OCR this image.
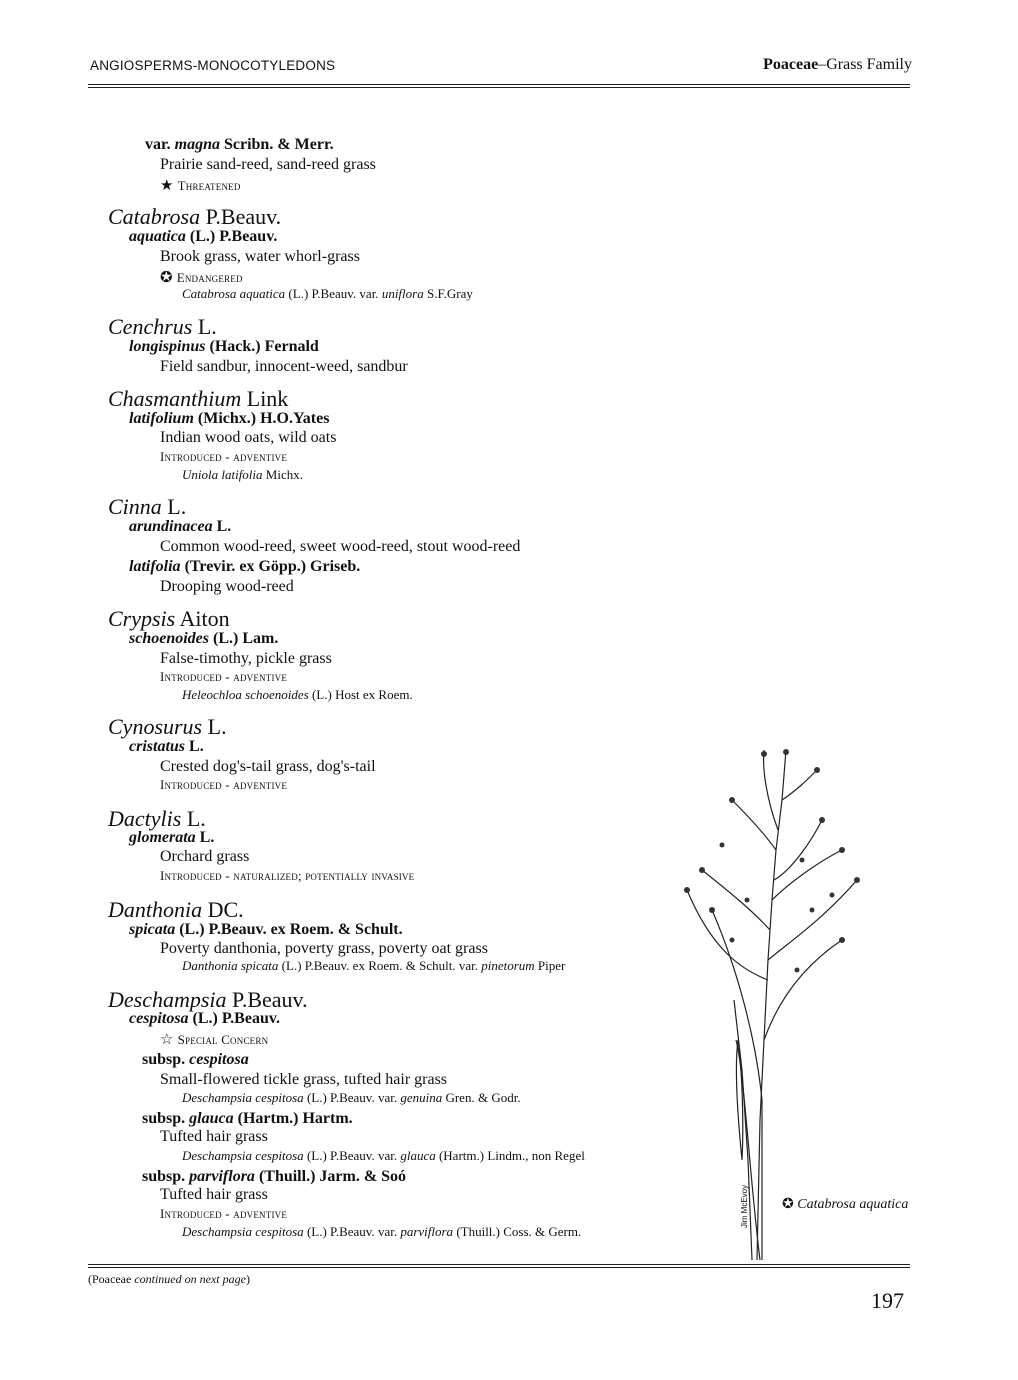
ANGIOSPERMS-MONOCOTYLEDONS	Poaceae–Grass Family
var. magna Scribn. & Merr.
Prairie sand-reed, sand-reed grass
★ Threatened
Catabrosa P.Beauv.
aquatica (L.) P.Beauv.
Brook grass, water whorl-grass
✪ Endangered
Catabrosa aquatica (L.) P.Beauv. var. uniflora S.F.Gray
Cenchrus L.
longispinus (Hack.) Fernald
Field sandbur, innocent-weed, sandbur
Chasmanthium Link
latifolium (Michx.) H.O.Yates
Indian wood oats, wild oats
Introduced - adventive
Uniola latifolia Michx.
Cinna L.
arundinacea L.
Common wood-reed, sweet wood-reed, stout wood-reed
latifolia (Trevir. ex Göpp.) Griseb.
Drooping wood-reed
Crypsis Aiton
schoenoides (L.) Lam.
False-timothy, pickle grass
Introduced - adventive
Heleochloa schoenoides (L.) Host ex Roem.
Cynosurus L.
cristatus L.
Crested dog's-tail grass, dog's-tail
Introduced - adventive
Dactylis L.
glomerata L.
Orchard grass
Introduced - naturalized; potentially invasive
Danthonia DC.
spicata (L.) P.Beauv. ex Roem. & Schult.
Poverty danthonia, poverty grass, poverty oat grass
Danthonia spicata (L.) P.Beauv. ex Roem. & Schult. var. pinetorum Piper
Deschampsia P.Beauv.
cespitosa (L.) P.Beauv.
☆ Special Concern
subsp. cespitosa
Small-flowered tickle grass, tufted hair grass
Deschampsia cespitosa (L.) P.Beauv. var. genuina Gren. & Godr.
subsp. glauca (Hartm.) Hartm.
Tufted hair grass
Deschampsia cespitosa (L.) P.Beauv. var. glauca (Hartm.) Lindm., non Regel
subsp. parviflora (Thuill.) Jarm. & Soó
Tufted hair grass
Introduced - adventive
Deschampsia cespitosa (L.) P.Beauv. var. parviflora (Thuill.) Coss. & Germ.
Jim McEvoy ✪ Catabrosa aquatica
(Poaceae continued on next page)
197
